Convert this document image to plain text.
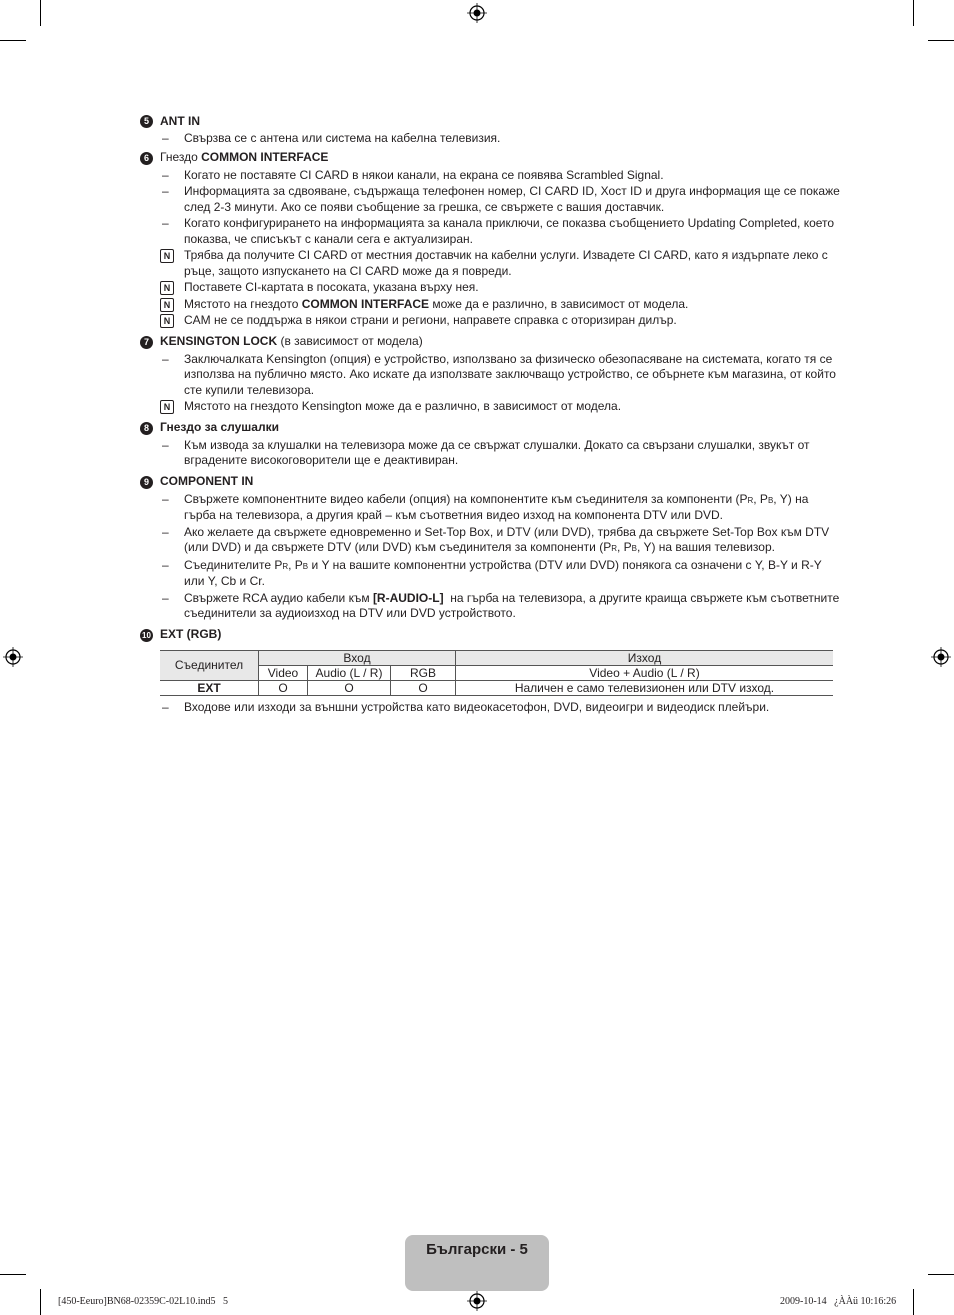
5 ANT IN
–	Свързва се с антена или система на кабелна телевизия.
6 Гнездо COMMON INTERFACE
–	Когато не поставяте CI CARD в някои канали, на екрана се появява Scrambled Signal.
–	Информацията за сдвояване, съдържаща телефонен номер, CI CARD ID, Хост ID и друга информация ще се покаже след 2-3 минути. Ако се появи съобщение за грешка, се свържете с вашия доставчик.
–	Когато конфигурирането на информацията за канала приключи, се показва съобщението Updating Completed, което показва, че списъкът с канали сега е актуализиран.
N	Трябва да получите CI CARD от местния доставчик на кабелни услуги. Извадете CI CARD, като я издърпате леко с ръце, защото изпускането на CI CARD може да я повреди.
N	Поставете CI-картата в посоката, указана върху нея.
N	Мястото на гнездото COMMON INTERFACE може да е различно, в зависимост от модела.
N	CAM не се поддържа в някои страни и региони, направете справка с оторизиран дилър.
7 KENSINGTON LOCK (в зависимост от модела)
–	Заключалката Kensington (опция) е устройство, използвано за физическо обезопасяване на системата, когато тя се използва на публично място. Ако искате да използвате заключващо устройство, се обърнете към магазина, от който сте купили телевизора.
N	Мястото на гнездото Kensington може да е различно, в зависимост от модела.
8 Гнездо за слушалки
–	Към извода за клушалки на телевизора може да се свържат слушалки. Докато са свързани слушалки, звукът от вградените високоговорители ще е деактивиран.
9 COMPONENT IN
–	Свържете компонентните видео кабели (опция) на компонентите към съединителя за компоненти (PR, PB, Y) на гърба на телевизора, а другия край – към съответния видео изход на компонента DTV или DVD.
–	Ако желаете да свържете едновременно и Set-Top Box, и DTV (или DVD), трябва да свържете Set-Top Box към DTV (или DVD) и да свържете DTV (или DVD) към съединителя за компоненти (PR, PB, Y) на вашия телевизор.
–	Съединителите PR, PB и Y на вашите компонентни устройства (DTV или DVD) понякога са означени с Y, B-Y и R-Y или Y, Cb и Cr.
–	Свържете RCA аудио кабели към [R-AUDIO-L]  на гърба на телевизора, а другите краища свържете към съответните съединители за аудиоизход на DTV или DVD устройството.
10 EXT (RGB)
Съединител	Вход			Изход
	Video	Audio (L / R)	RGB	Video + Audio (L / R)
EXT	O	O	O	Наличен е само телевизионен или DTV изход.
–	Входове или изходи за външни устройства като видеокасетофон, DVD, видеоигри и видеодиск плейъри.
Български - 5
[450-Eeuro]BN68-02359C-02L10.ind5   5	2009-10-14   ¿ÀÀü 10:16:26
